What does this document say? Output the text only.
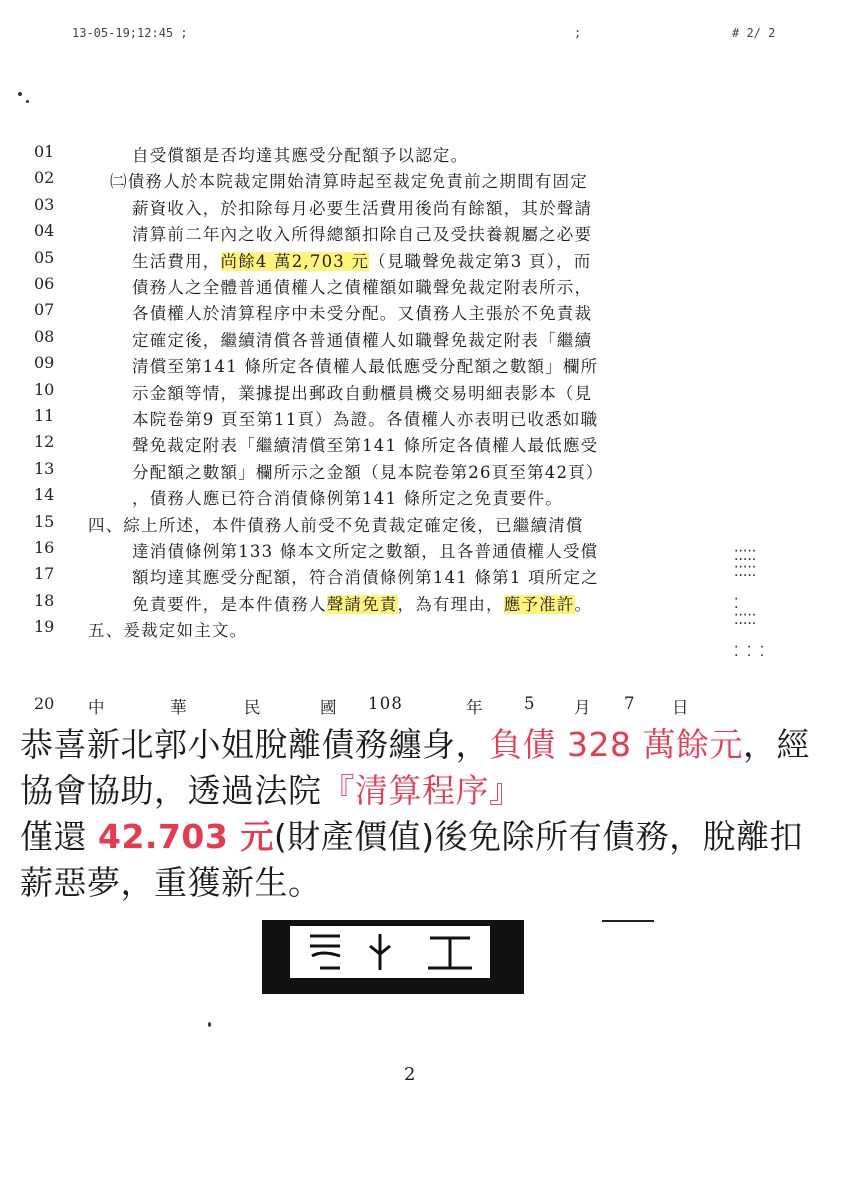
13-05-19;12:45 ;	;	# 2/ 2
01	自受償額是否均達其應受分配額予以認定。
02	㈡債務人於本院裁定開始清算時起至裁定免責前之期間有固定
03	薪資收入，於扣除每月必要生活費用後尚有餘額，其於聲請
04	清算前二年內之收入所得總額扣除自己及受扶養親屬之必要
05	生活費用，尚餘4 萬2,703 元（見職聲免裁定第3 頁），而
06	債務人之全體普通債權人之債權額如職聲免裁定附表所示，
07	各債權人於清算程序中未受分配。又債務人主張於不免責裁
08	定確定後，繼續清償各普通債權人如職聲免裁定附表「繼續
09	清償至第141 條所定各債權人最低應受分配額之數額」欄所
10	示金額等情，業據提出郵政自動櫃員機交易明細表影本（見
11	本院卷第9 頁至第11頁）為證。各債權人亦表明已收悉如職
12	聲免裁定附表「繼續清償至第141 條所定各債權人最低應受
13	分配額之數額」欄所示之金額（見本院卷第26頁至第42頁）
14	，債務人應已符合消債條例第141 條所定之免責要件。
15	四、綜上所述，本件債務人前受不免責裁定確定後，已繼續清償
16	達消債條例第133 條本文所定之數額，且各普通債權人受償
17	額均達其應受分配額，符合消債條例第141 條第1 項所定之
18	免責要件，是本件債務人聲請免責，為有理由，應予准許。
19	五、爰裁定如主文。
20	中	華	民	國 108	年 5 月 7 日
⁚⁚⁚⁚⁚
⁚⁚⁚⁚⁚

⁚
⁚⁚⁚⁚⁚

⁚ ⁚ ⁚
恭喜新北郭小姐脫離債務纏身，負債 328 萬餘元，經協會協助，透過法院『清算程序』
僅還 42.703 元(財產價值)後免除所有債務，脫離扣薪惡夢，重獲新生。
2
